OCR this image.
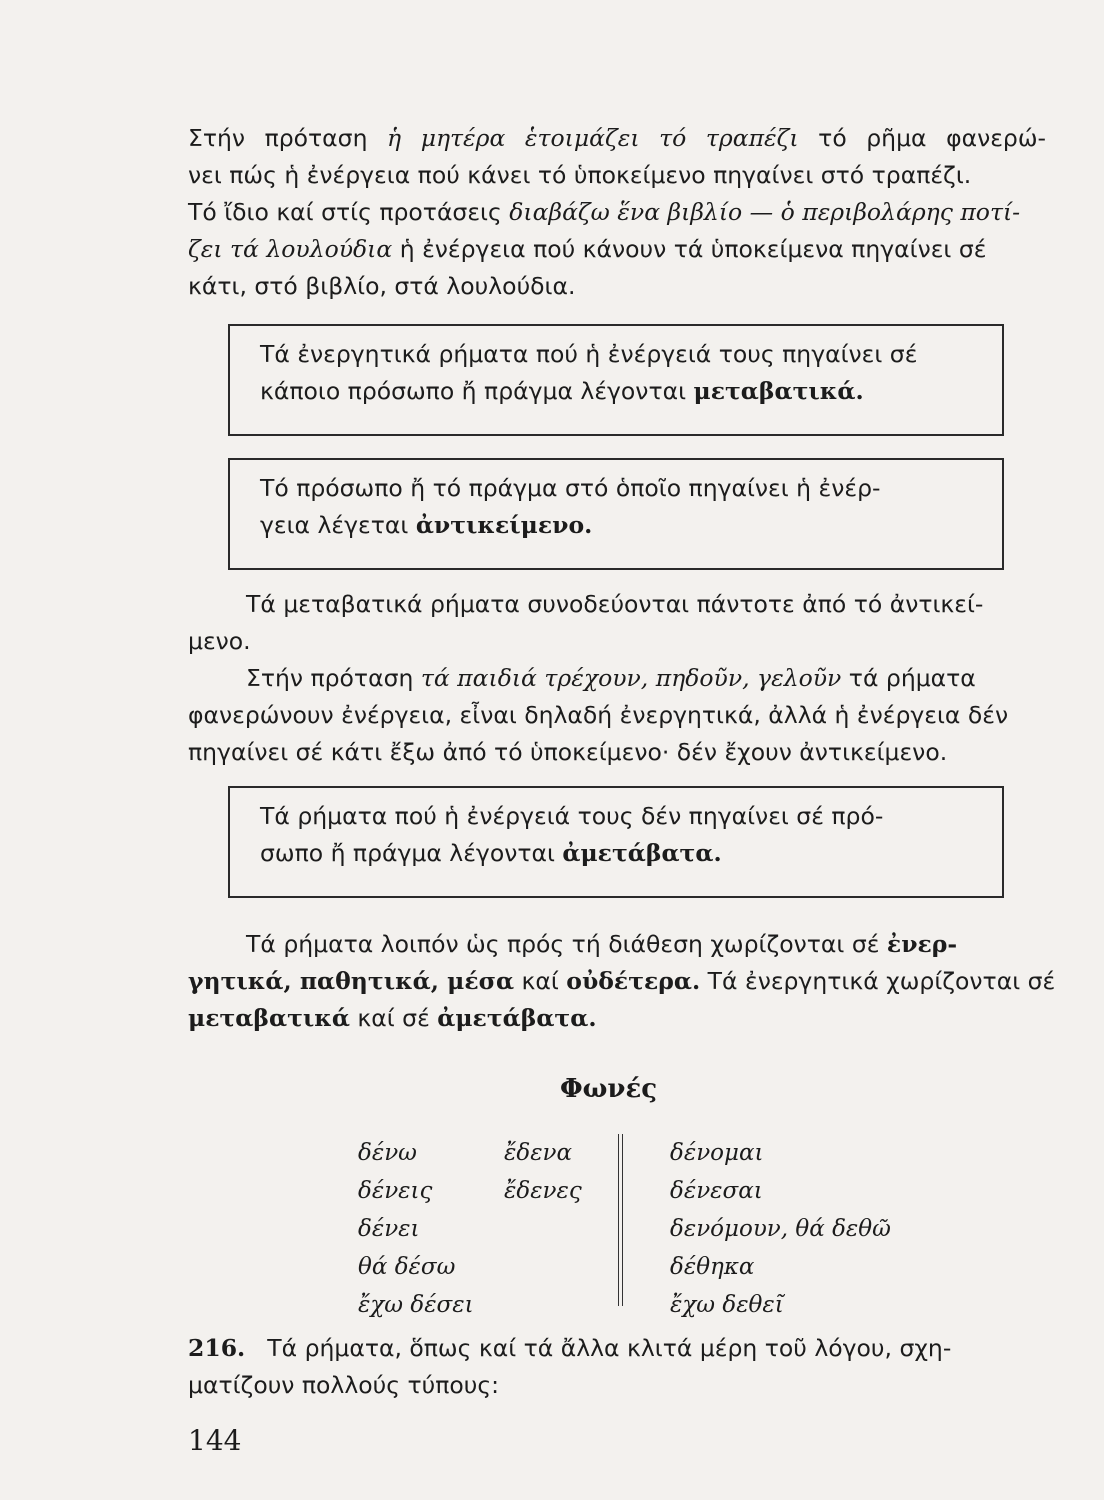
Στήν πρόταση ἡ μητέρα ἑτοιμάζει τό τραπέζι τό ρῆμα φανερώ-
νει πώς ἡ ἐνέργεια πού κάνει τό ὑποκείμενο πηγαίνει στό τραπέζι.
Τό ἴδιο καί στίς προτάσεις διαβάζω ἕνα βιβλίο — ὁ περιβολάρης ποτί-
ζει τά λουλούδια ἡ ἐνέργεια πού κάνουν τά ὑποκείμενα πηγαίνει σέ
κάτι, στό βιβλίο, στά λουλούδια.
Τά ἐνεργητικά ρήματα πού ἡ ἐνέργειά τους πηγαίνει σέ
κάποιο πρόσωπο ἤ πράγμα λέγονται μεταβατικά.
Τό πρόσωπο ἤ τό πράγμα στό ὁποῖο πηγαίνει ἡ ἐνέρ-
γεια λέγεται ἀντικείμενο.
Τά μεταβατικά ρήματα συνοδεύονται πάντοτε ἀπό τό ἀντικεί-
μενο.
Στήν πρόταση τά παιδιά τρέχουν, πηδοῦν, γελοῦν τά ρήματα
φανερώνουν ἐνέργεια, εἶναι δηλαδή ἐνεργητικά, ἀλλά ἡ ἐνέργεια δέν
πηγαίνει σέ κάτι ἔξω ἀπό τό ὑποκείμενο· δέν ἔχουν ἀντικείμενο.
Τά ρήματα πού ἡ ἐνέργειά τους δέν πηγαίνει σέ πρό-
σωπο ἤ πράγμα λέγονται ἀμετάβατα.
Τά ρήματα λοιπόν ὡς πρός τή διάθεση χωρίζονται σέ ἐνερ-
γητικά, παθητικά, μέσα καί οὐδέτερα. Τά ἐνεργητικά χωρίζονται σέ
μεταβατικά καί σέ ἀμετάβατα.
Φωνές
δένω
δένεις
δένει
θά δέσω
ἔχω δέσει
ἔδενα
ἔδενες
δένομαι
δένεσαι
δενόμουν, θά δεθῶ
δέθηκα
ἔχω δεθεῖ
216. Τά ρήματα, ὅπως καί τά ἄλλα κλιτά μέρη τοῦ λόγου, σχη-
ματίζουν πολλούς τύπους:
144
